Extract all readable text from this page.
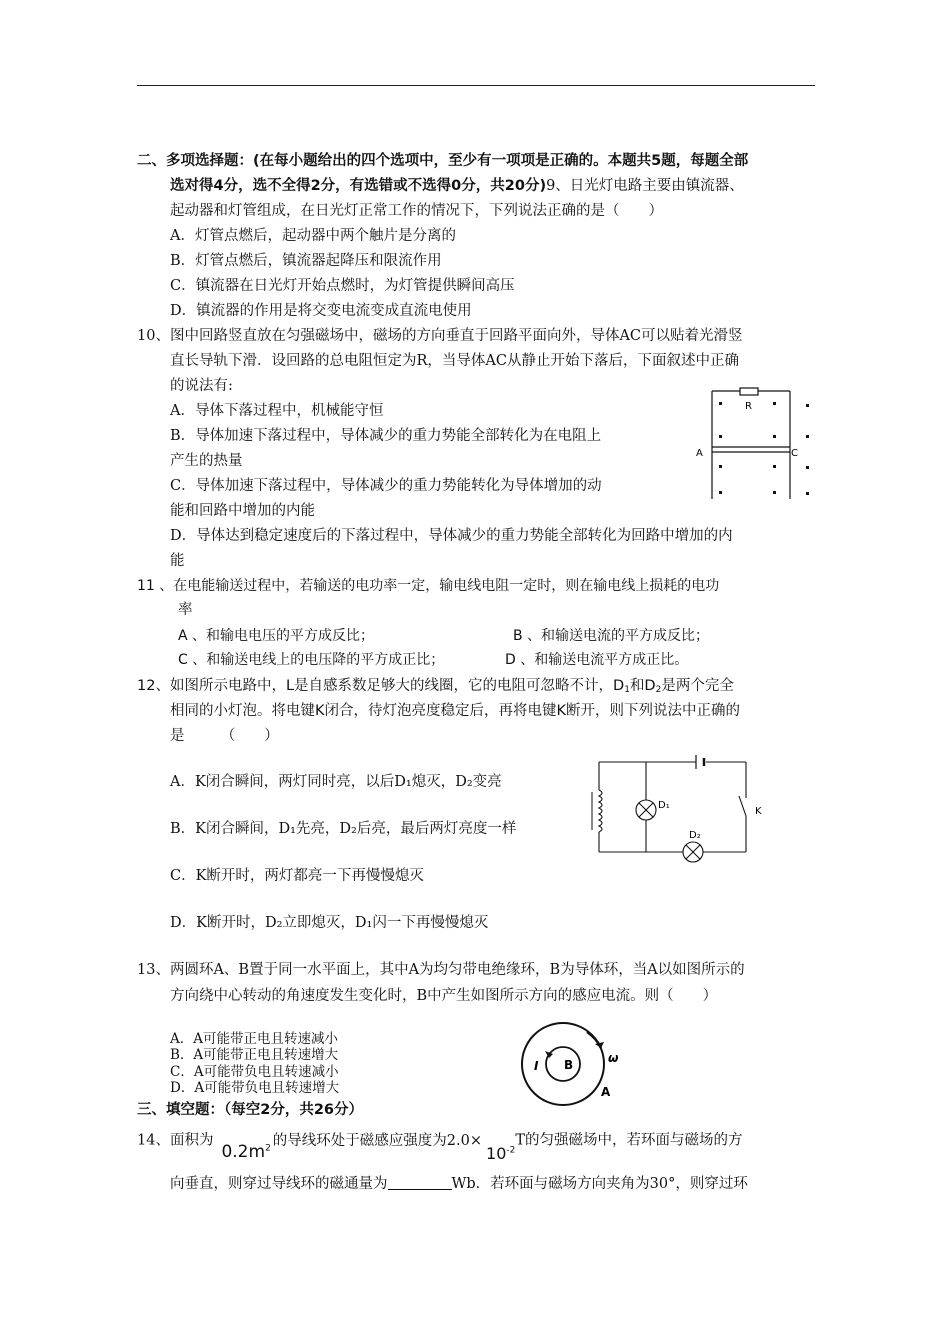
二、多项选择题：(在每小题给出的四个选项中，至少有一项项是正确的。本题共5题，每题全部
选对得4分，选不全得2分，有选错或不选得0分，共20分)9、日光灯电路主要由镇流器、
起动器和灯管组成，在日光灯正常工作的情况下，下列说法正确的是（　　）
A．灯管点燃后，起动器中两个触片是分离的
B．灯管点燃后，镇流器起降压和限流作用
C．镇流器在日光灯开始点燃时，为灯管提供瞬间高压
D．镇流器的作用是将交变电流变成直流电使用
10、图中回路竖直放在匀强磁场中，磁场的方向垂直于回路平面向外，导体AC可以贴着光滑竖
直长导轨下滑．设回路的总电阻恒定为R，当导体AC从静止开始下落后，下面叙述中正确
的说法有:
A．导体下落过程中，机械能守恒
B．导体加速下落过程中，导体减少的重力势能全部转化为在电阻上
产生的热量
C．导体加速下落过程中，导体减少的重力势能转化为导体增加的动
能和回路中增加的内能
D．导体达到稳定速度后的下落过程中，导体减少的重力势能全部转化为回路中增加的内
能
R
A	C
11 、在电能输送过程中，若输送的电功率一定，输电线电阻一定时，则在输电线上损耗的电功
率
A 、和输电电压的平方成反比；	B 、和输送电流的平方成反比；
C 、和输送电线上的电压降的平方成正比；	D 、和输送电流平方成正比。
12、如图所示电路中，L是自感系数足够大的线圈，它的电阻可忽略不计，$D_1$和$D_2$是两个完全
相同的小灯泡。将电键K闭合，待灯泡亮度稳定后，再将电键K断开，则下列说法中正确的
是　　　（　　）
A．K闭合瞬间，两灯同时亮，以后D₁熄灭，D₂变亮
B．K闭合瞬间，D₁先亮，D₂后亮，最后两灯亮度一样
C．K断开时，两灯都亮一下再慢慢熄灭
D．K断开时，D₂立即熄灭，D₁闪一下再慢慢熄灭
D₁
D₂
K
13、两圆环A、B置于同一水平面上，其中A为均匀带电绝缘环，B为导体环，当A以如图所示的
方向绕中心转动的角速度发生变化时，B中产生如图所示方向的感应电流。则（　　）
A．A可能带正电且转速减小
B．A可能带正电且转速增大
C．A可能带负电且转速减小
D．A可能带负电且转速增大
I B	ω
A
三、填空题：（每空2分，共26分）
14、面积为$0.2m^2$ 的导线环处于磁感应强度为$2.0\times 10^{-2}T$的匀强磁场中，若环面与磁场的方
向垂直，则穿过导线环的磁通量为	Wb．若环面与磁场方向夹角为30°，则穿过环
